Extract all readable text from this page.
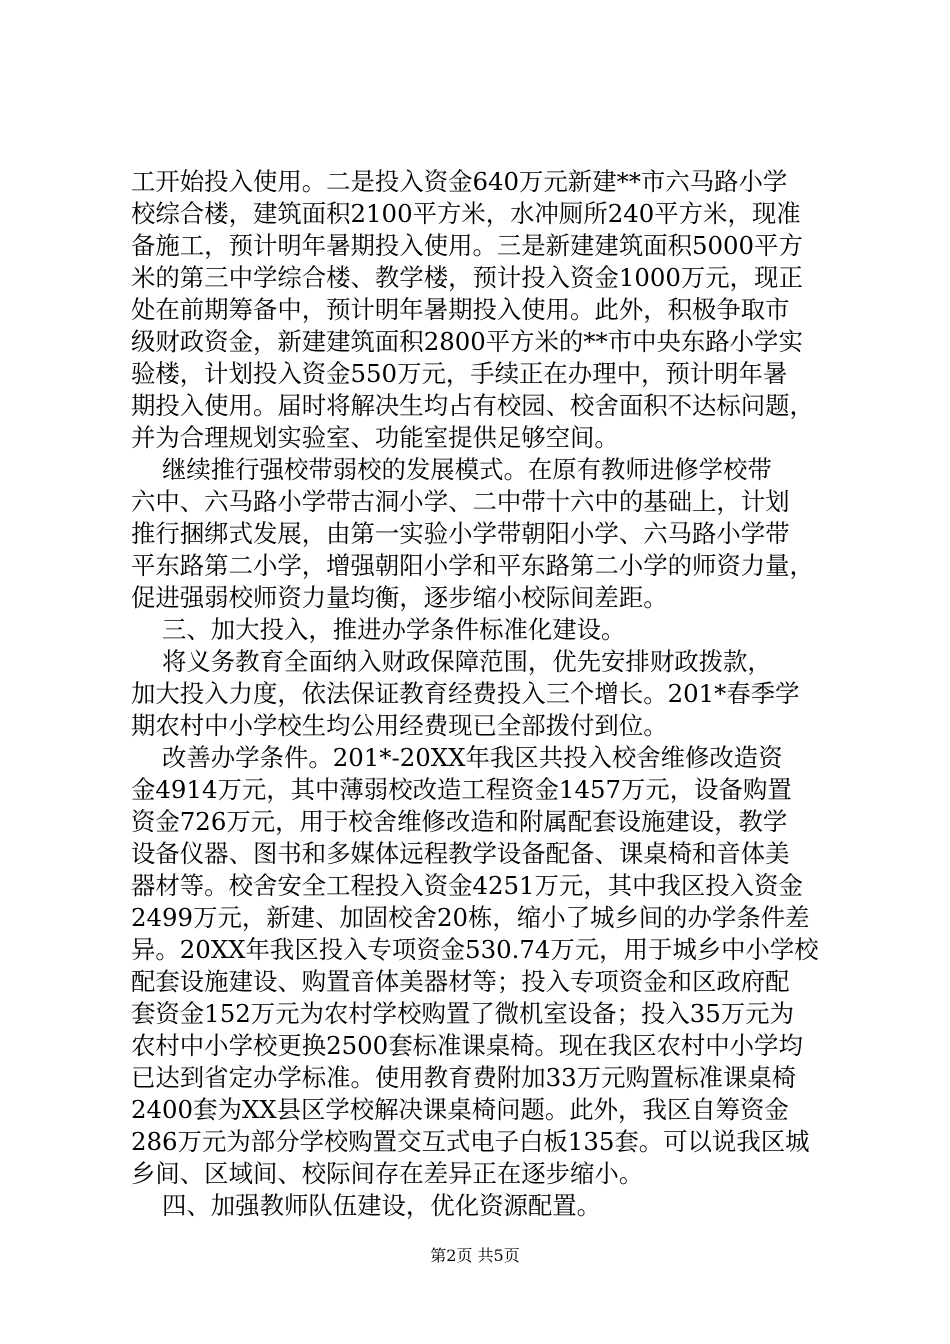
工开始投入使用。二是投入资金640万元新建**市六马路小学
校综合楼，建筑面积2100平方米，水冲厕所240平方米，现准
备施工，预计明年暑期投入使用。三是新建建筑面积5000平方
米的第三中学综合楼、教学楼，预计投入资金1000万元，现正
处在前期筹备中，预计明年暑期投入使用。此外，积极争取市
级财政资金，新建建筑面积2800平方米的**市中央东路小学实
验楼，计划投入资金550万元，手续正在办理中，预计明年暑
期投入使用。届时将解决生均占有校园、校舍面积不达标问题，
并为合理规划实验室、功能室提供足够空间。
继续推行强校带弱校的发展模式。在原有教师进修学校带
六中、六马路小学带古洞小学、二中带十六中的基础上，计划
推行捆绑式发展，由第一实验小学带朝阳小学、六马路小学带
平东路第二小学，增强朝阳小学和平东路第二小学的师资力量，
促进强弱校师资力量均衡，逐步缩小校际间差距。
三、加大投入，推进办学条件标准化建设。
将义务教育全面纳入财政保障范围，优先安排财政拨款，
加大投入力度，依法保证教育经费投入三个增长。201*春季学
期农村中小学校生均公用经费现已全部拨付到位。
改善办学条件。201*-20XX年我区共投入校舍维修改造资
金4914万元，其中薄弱校改造工程资金1457万元，设备购置
资金726万元，用于校舍维修改造和附属配套设施建设，教学
设备仪器、图书和多媒体远程教学设备配备、课桌椅和音体美
器材等。校舍安全工程投入资金4251万元，其中我区投入资金
2499万元，新建、加固校舍20栋，缩小了城乡间的办学条件差
异。20XX年我区投入专项资金530.74万元，用于城乡中小学校
配套设施建设、购置音体美器材等；投入专项资金和区政府配
套资金152万元为农村学校购置了微机室设备；投入35万元为
农村中小学校更换2500套标准课桌椅。现在我区农村中小学均
已达到省定办学标准。使用教育费附加33万元购置标准课桌椅
2400套为XX县区学校解决课桌椅问题。此外，我区自筹资金
286万元为部分学校购置交互式电子白板135套。可以说我区城
乡间、区域间、校际间存在差异正在逐步缩小。
四、加强教师队伍建设，优化资源配置。
第2页 共5页
